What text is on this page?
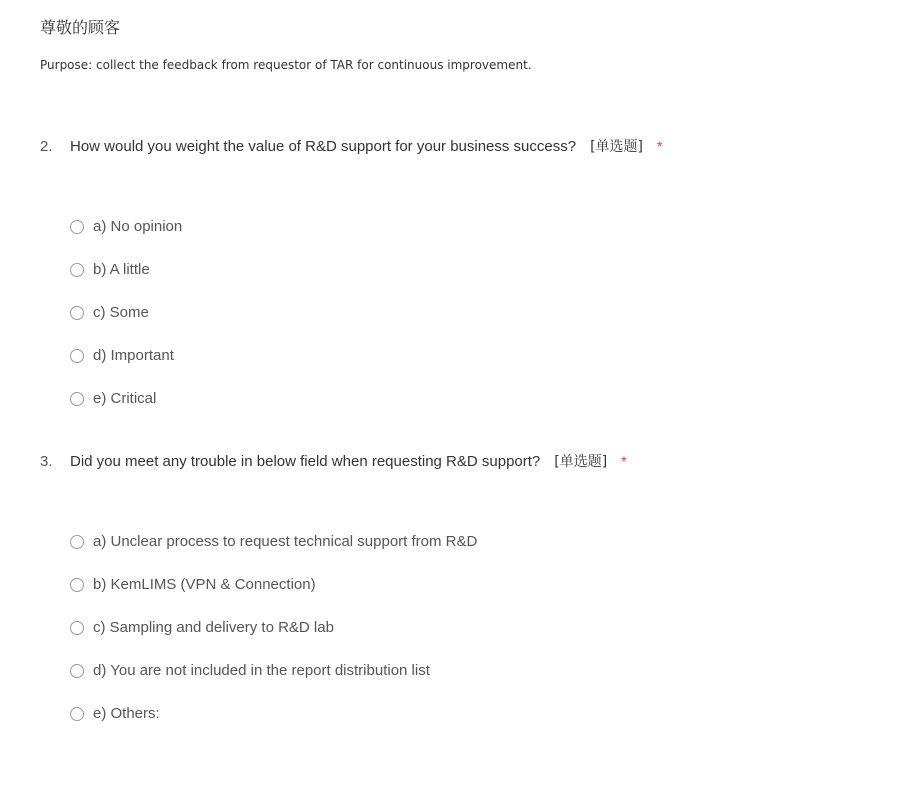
尊敬的顾客
Purpose: collect the feedback from requestor of TAR for continuous improvement.
2.	How would you weight the value of R&D support for your business success? [单选题] *
a) No opinion
b) A little
c) Some
d) Important
e) Critical
3.	Did you meet any trouble in below field when requesting R&D support? [单选题] *
a) Unclear process to request technical support from R&D
b) KemLIMS (VPN & Connection)
c) Sampling and delivery to R&D lab
d) You are not included in the report distribution list
e) Others:
